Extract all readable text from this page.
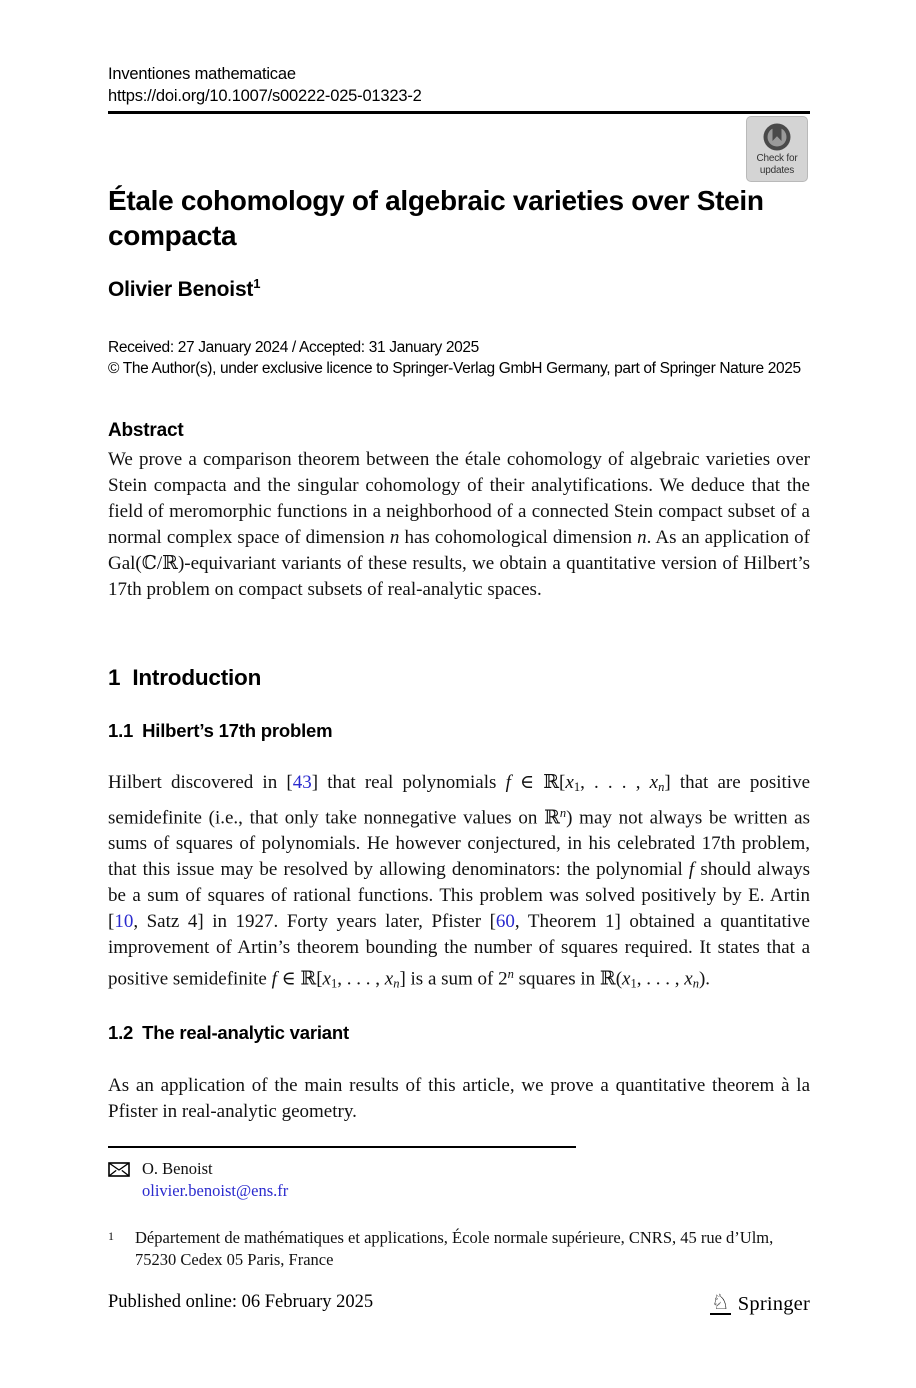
Inventiones mathematicae
https://doi.org/10.1007/s00222-025-01323-2
Check for
updates
Étale cohomology of algebraic varieties over Stein compacta
Olivier Benoist$^1$
Received: 27 January 2024 / Accepted: 31 January 2025
© The Author(s), under exclusive licence to Springer-Verlag GmbH Germany, part of Springer Nature 2025
Abstract

We prove a comparison theorem between the étale cohomology of algebraic varieties over Stein compacta and the singular cohomology of their analytifications. We deduce that the field of meromorphic functions in a neighborhood of a connected Stein compact subset of a normal complex space of dimension n has cohomological dimension n. As an application of Gal(ℂ/ℝ)-equivariant variants of these results, we obtain a quantitative version of Hilbert’s 17th problem on compact subsets of real-analytic spaces.

1 Introduction
1.1 Hilbert’s 17th problem

Hilbert discovered in [43] that real polynomials f ∈ ℝ[x1, . . . , xn] that are positive semidefinite (i.e., that only take nonnegative values on ℝ$^n$) may not always be written as sums of squares of polynomials. He however conjectured, in his celebrated 17th problem, that this issue may be resolved by allowing denominators: the polynomial f should always be a sum of squares of rational functions. This problem was solved positively by E. Artin [10, Satz 4] in 1927. Forty years later, Pfister [60, Theorem 1] obtained a quantitative improvement of Artin’s theorem bounding the number of squares required. It states that a positive semidefinite f ∈ ℝ[x1, . . . , xn] is a sum of 2$^n$ squares in ℝ(x1, . . . , xn).

1.2 The real-analytic variant

As an application of the main results of this article, we prove a quantitative theorem à la Pfister in real-analytic geometry.

O. Benoist
olivier.benoist@ens.fr
1 Département de mathématiques et applications, École normale supérieure, CNRS, 45 rue d’Ulm, 75230 Cedex 05 Paris, France
Published online: 06 February 2025	♘ Springer
